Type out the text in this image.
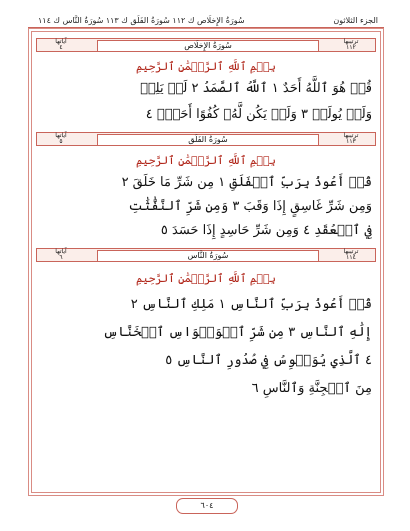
الجزء الثلاثون
سُورَةُ الإِخلَاص ك ١١٢ سُورَةُ الفَلَق ك ١١٣ سُورَةُ النَّاس ك ١١٤
ترتيبها
١١٢
سُورَةُ الإِخلَاص
آياتها
٤
بِسۡمِ ٱللَّهِ ٱلرَّحۡمَٰنِ ٱلرَّحِيمِ
قُلۡ هُوَ ٱللَّهُ أَحَدٌ ١ ٱللَّهُ ٱلصَّمَدُ ٢ لَمۡ يَلِدۡ
وَلَمۡ يُولَدۡ ٣ وَلَمۡ يَكُن لَّهُۥ كُفُوًا أَحَدُۢ ٤
ترتيبها
١١٣
سُورَةُ الفَلَق
آياتها
٥
بِسۡمِ ٱللَّهِ ٱلرَّحۡمَٰنِ ٱلرَّحِيمِ
قُلۡ أَعُوذُ بِرَبِّ ٱلۡفَلَقِ ١ مِن شَرِّ مَا خَلَقَ ٢
وَمِن شَرِّ غَاسِقٍ إِذَا وَقَبَ ٣ وَمِن شَرِّ ٱلنَّفَّٰثَٰتِ
فِي ٱلۡعُقَدِ ٤ وَمِن شَرِّ حَاسِدٍ إِذَا حَسَدَ ٥
ترتيبها
١١٤
سُورَةُ النَّاس
آياتها
٦
بِسۡمِ ٱللَّهِ ٱلرَّحۡمَٰنِ ٱلرَّحِيمِ
قُلۡ أَعُوذُ بِرَبِّ ٱلنَّاسِ ١ مَلِكِ ٱلنَّاسِ ٢
إِلَٰهِ ٱلنَّاسِ ٣ مِن شَرِّ ٱلۡوَسۡوَاسِ ٱلۡخَنَّاسِ
٤ ٱلَّذِي يُوَسۡوِسُ فِي صُدُورِ ٱلنَّاسِ ٥
مِنَ ٱلۡجِنَّةِ وَٱلنَّاسِ ٦
٦٠٤
